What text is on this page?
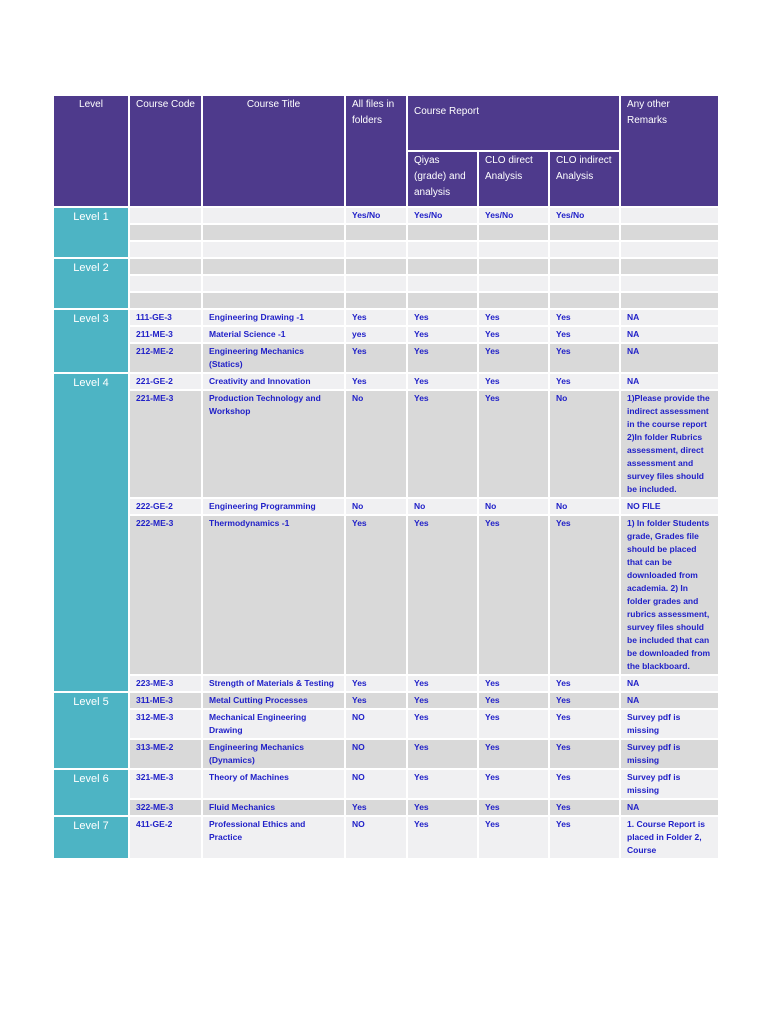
Level	Course Code	Course Title	All files in folders	Course Report			Any other Remarks
				Qiyas (grade) and analysis	CLO direct Analysis	CLO indirect Analysis	
Level 1			Yes/No	Yes/No	Yes/No	Yes/No	

Level 2							

Level 3	111-GE-3	Engineering Drawing -1	Yes	Yes	Yes	Yes	NA
	211-ME-3	Material Science -1	yes	Yes	Yes	Yes	NA
	212-ME-2	Engineering Mechanics (Statics)	Yes	Yes	Yes	Yes	NA
Level 4	221-GE-2	Creativity and Innovation	Yes	Yes	Yes	Yes	NA
	221-ME-3	Production Technology and Workshop	No	Yes	Yes	No	1)Please provide the indirect assessment in the course report 2)In folder Rubrics assessment, direct assessment and survey files should be included.
	222-GE-2	Engineering Programming	No	No	No	No	NO FILE
	222-ME-3	Thermodynamics -1	Yes	Yes	Yes	Yes	1) In folder Students grade, Grades file should be placed that can be downloaded from academia. 2) In folder grades and rubrics assessment, survey files should be included that can be downloaded from the blackboard.
	223-ME-3	Strength of Materials & Testing	Yes	Yes	Yes	Yes	NA
Level 5	311-ME-3	Metal Cutting Processes	Yes	Yes	Yes	Yes	NA
	312-ME-3	Mechanical Engineering Drawing	NO	Yes	Yes	Yes	Survey pdf is missing
	313-ME-2	Engineering Mechanics (Dynamics)	NO	Yes	Yes	Yes	Survey pdf is missing
Level 6	321-ME-3	Theory of Machines	NO	Yes	Yes	Yes	Survey pdf is missing
	322-ME-3	Fluid Mechanics	Yes	Yes	Yes	Yes	NA
Level 7	411-GE-2	Professional Ethics and Practice	NO	Yes	Yes	Yes	1. Course Report is placed in Folder 2, Course
